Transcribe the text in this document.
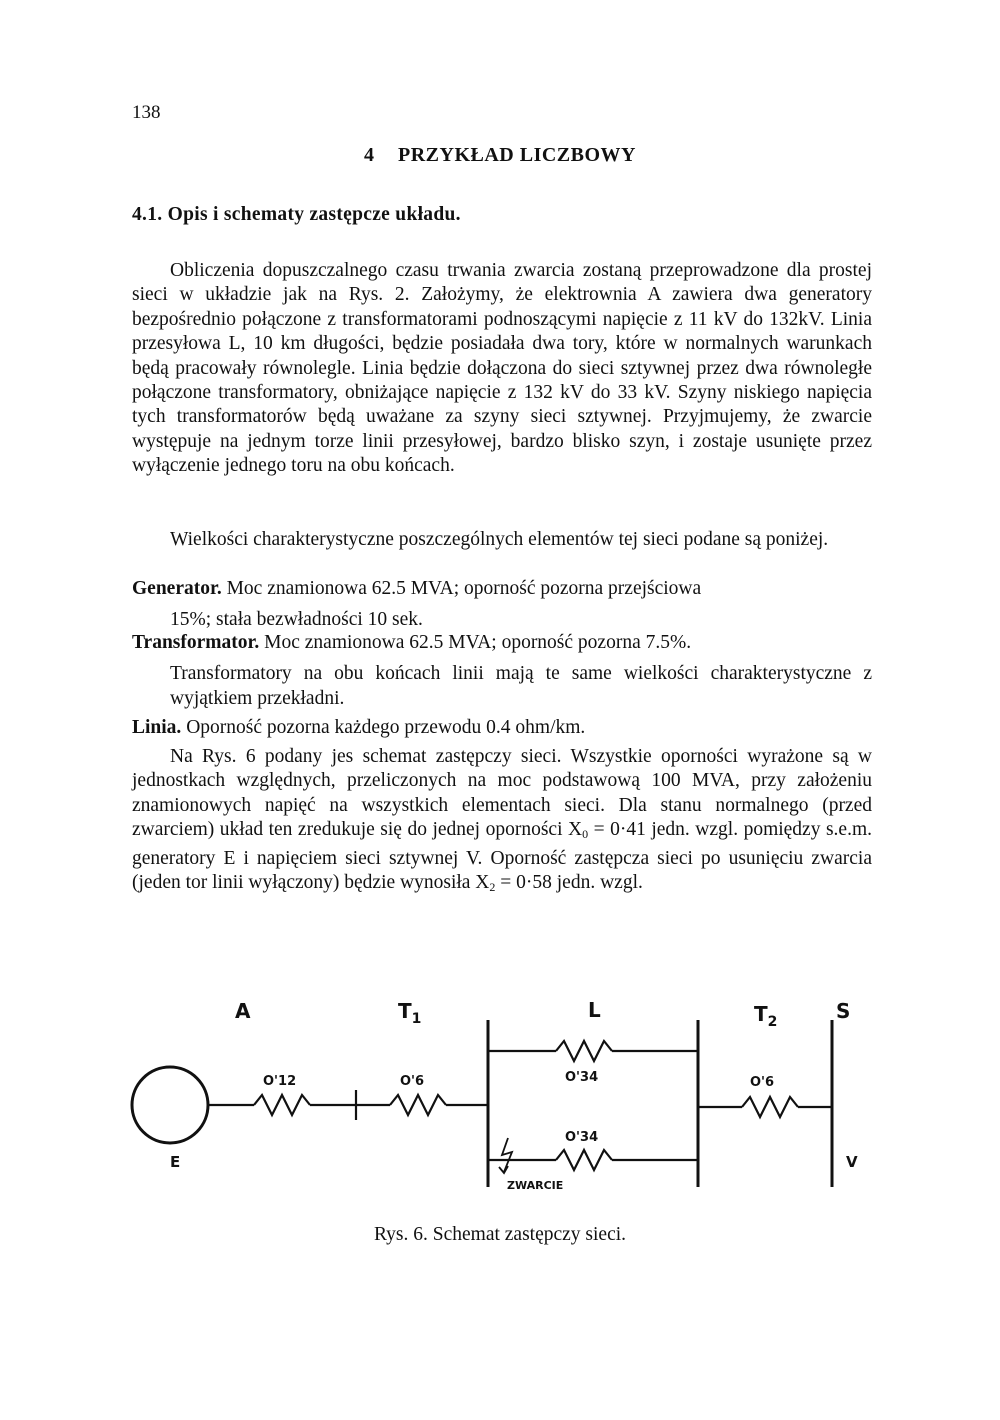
138
4 PRZYKŁAD LICZBOWY
4.1. Opis i schematy zastępcze układu.

Obliczenia dopuszczalnego czasu trwania zwarcia zostaną przeprowadzone dla prostej sieci w układzie jak na Rys. 2. Założymy, że elektrownia A zawiera dwa generatory bezpośrednio połączone z transformatorami podnoszącymi napięcie z 11 kV do 132kV. Linia przesyłowa L, 10 km długości, będzie posiadała dwa tory, które w normalnych warunkach będą pracowały równolegle. Linia będzie dołączona do sieci sztywnej przez dwa równoległe połączone transformatory, obniżające napięcie z 132 kV do 33 kV. Szyny niskiego napięcia tych transformatorów będą uważane za szyny sieci sztywnej. Przyjmujemy, że zwarcie występuje na jednym torze linii przesyłowej, bardzo blisko szyn, i zostaje usunięte przez wyłączenie jednego toru na obu końcach.

Wielkości charakterystyczne poszczególnych elementów tej sieci podane są poniżej.

Generator. Moc znamionowa 62.5 MVA; oporność pozorna przejściowa
15%; stała bezwładności 10 sek.
Transformator. Moc znamionowa 62.5 MVA; oporność pozorna 7.5%.
Transformatory na obu końcach linii mają te same wielkości charakterystyczne z wyjątkiem przekładni.
Linia. Oporność pozorna każdego przewodu 0.4 ohm/km.

Na Rys. 6 podany jes schemat zastępczy sieci. Wszystkie oporności wyrażone są w jednostkach względnych, przeliczonych na moc podstawową 100 MVA, przy założeniu znamionowych napięć na wszystkich elementach sieci. Dla stanu normalnego (przed zwarciem) układ ten zredukuje się do jednej oporności $X_0 = 0\cdot 41$ jedn. wzgl. pomiędzy s.e.m. generatory E i napięciem sieci sztywnej V. Oporność zastępcza sieci po usunięciu zwarcia (jeden tor linii wyłączony) będzie wynosiła $X_2 = 0\cdot 58$ jedn. wzgl.

A	$T_1$	L	$T_2$	S
E	V
O'12	O'6	O'34
O'34
O'6
ZWARCIE
Rys. 6. Schemat zastępczy sieci.
